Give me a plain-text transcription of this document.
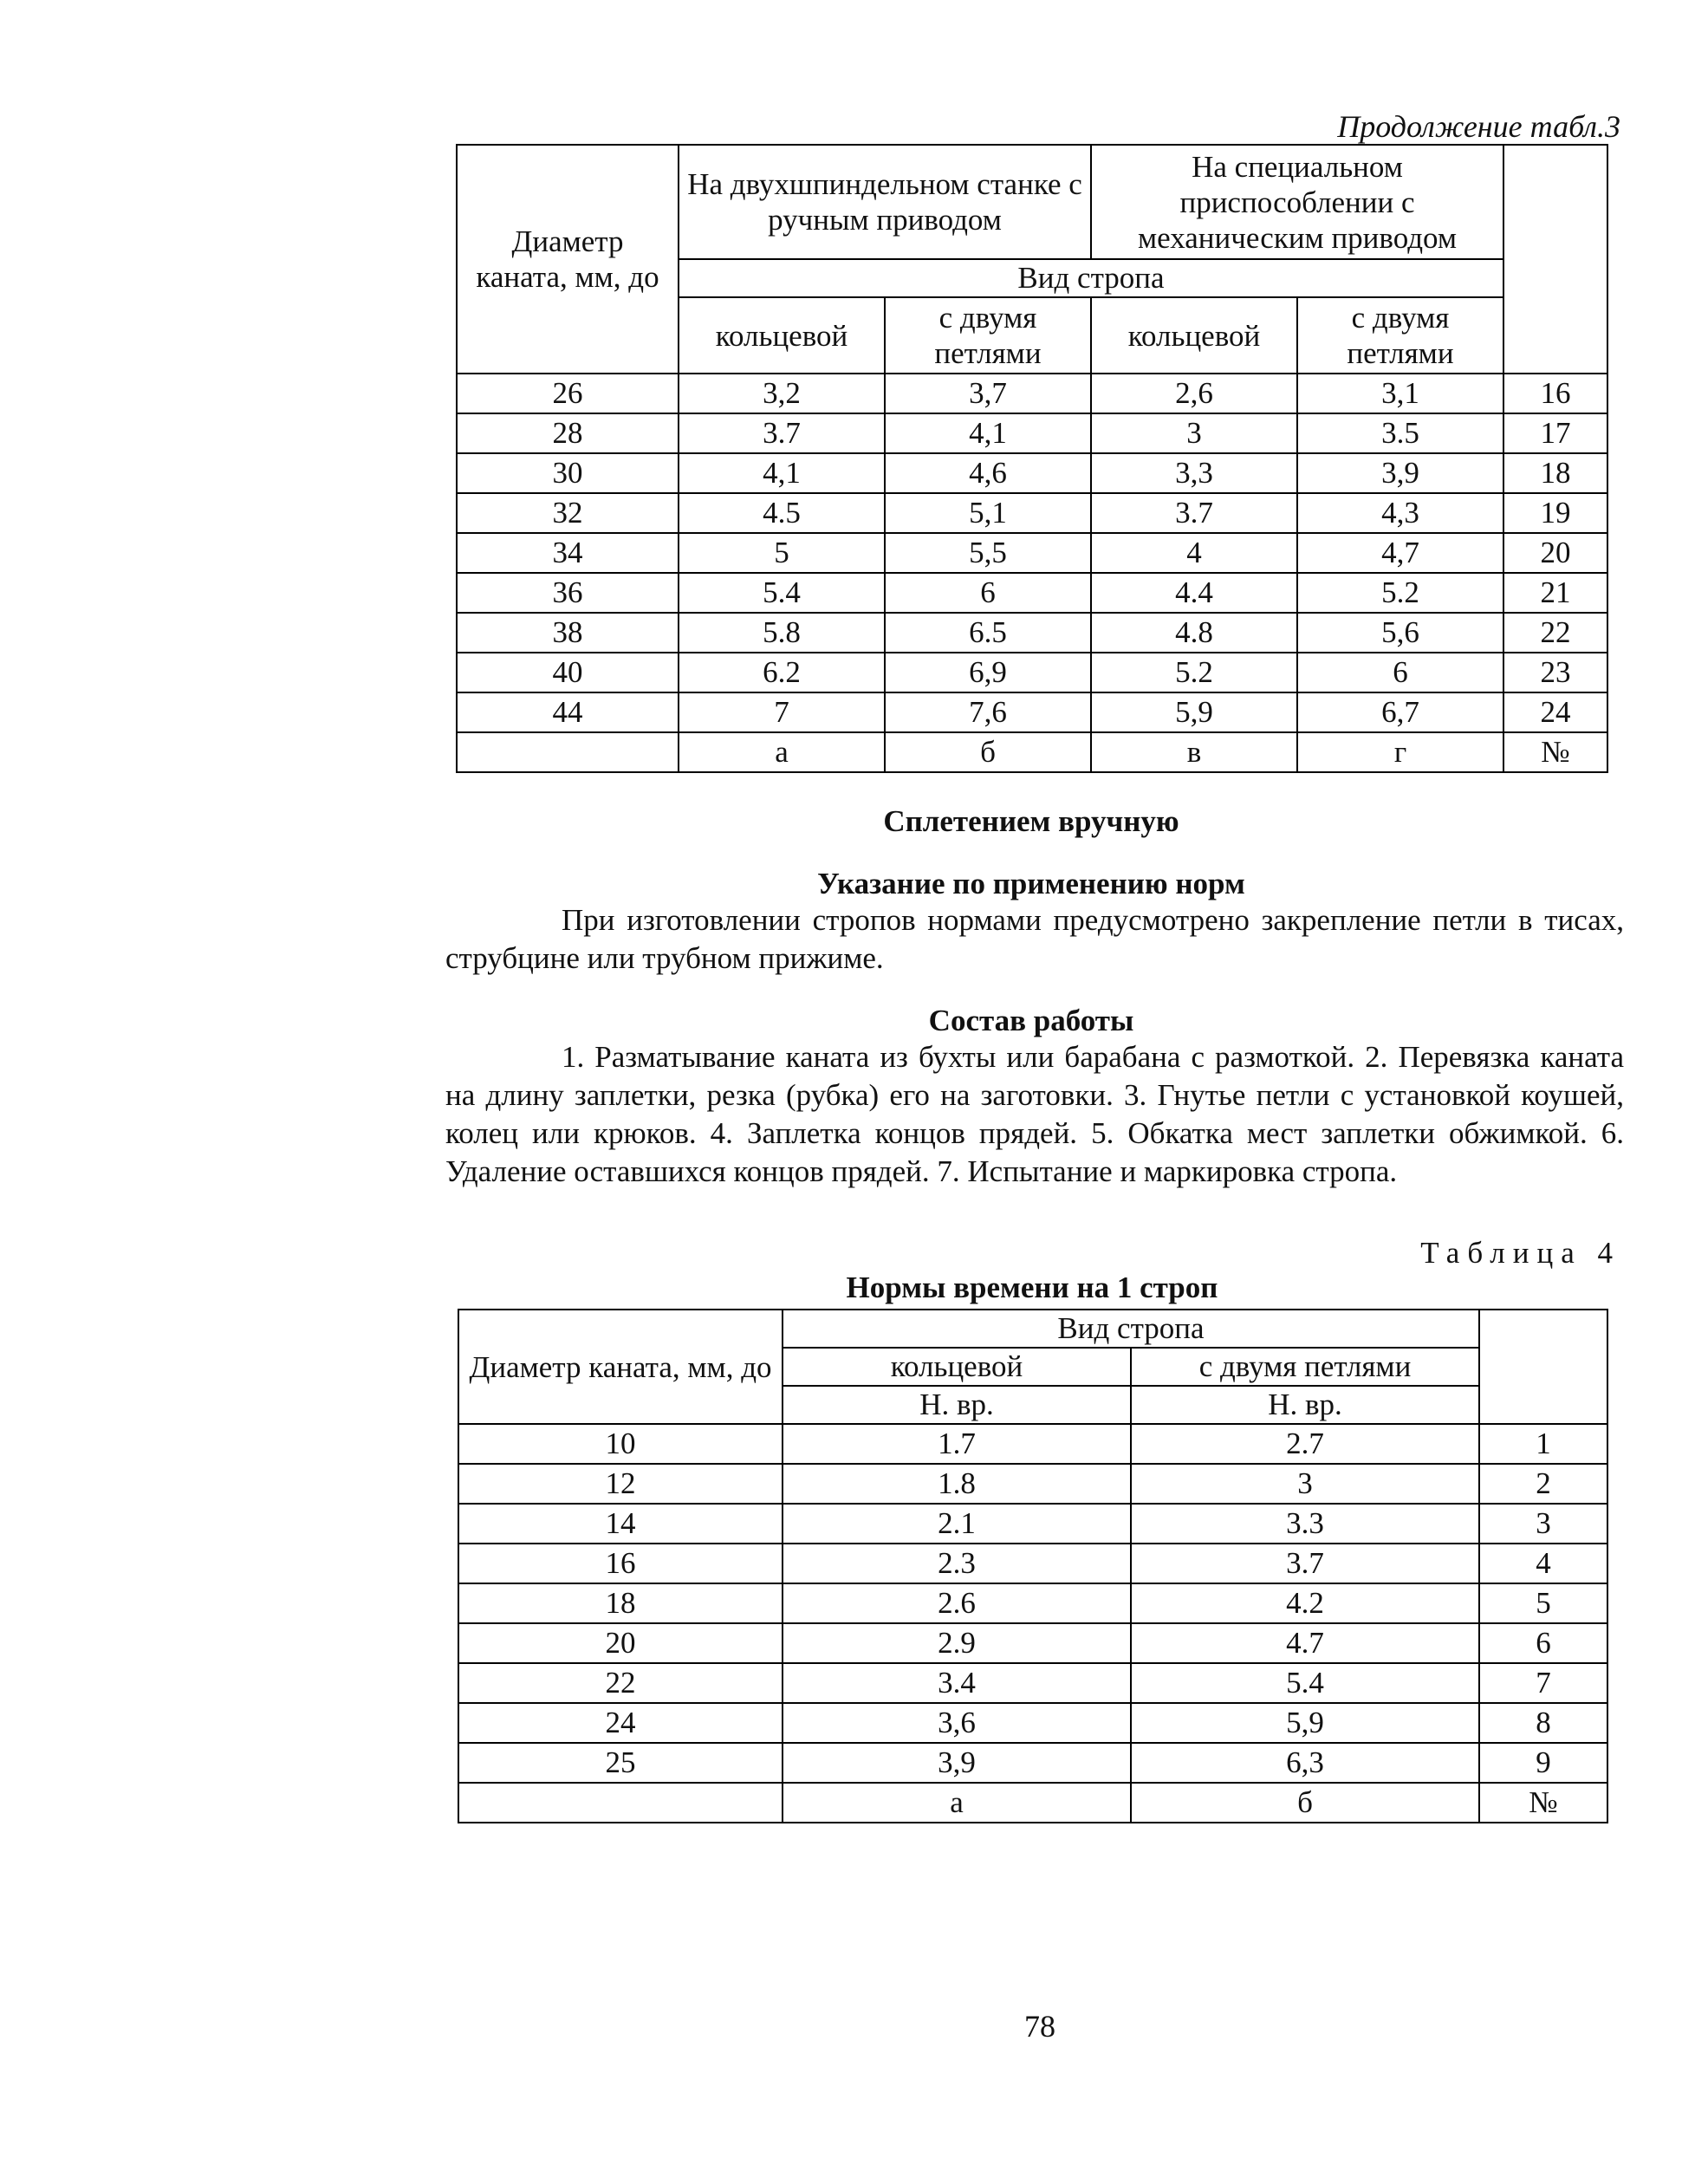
Продолжение табл.3
Диаметр каната, мм, до	На двухшпиндельном станке с ручным приводом		На специальном приспособлении с механическим приводом		
	Вид стропа				
	кольцевой	с двумя петлями	кольцевой	с двумя петлями	
26	3,2	3,7	2,6	3,1	16
28	3.7	4,1	3	3.5	17
30	4,1	4,6	3,3	3,9	18
32	4.5	5,1	3.7	4,3	19
34	5	5,5	4	4,7	20
36	5.4	6	4.4	5.2	21
38	5.8	6.5	4.8	5,6	22
40	6.2	6,9	5.2	6	23
44	7	7,6	5,9	6,7	24
	а	б	в	г	№
Сплетением вручную
Указание по применению норм

При изготовлении стропов нормами предусмотрено закрепление петли в тисах, струбцине или трубном прижиме.

Состав работы

1. Разматывание каната из бухты или барабана с размоткой. 2. Перевязка каната на длину заплетки, резка (рубка) его на заготовки. 3. Гнутье петли с установкой коушей, колец или крюков. 4. Заплетка концов прядей. 5. Обкатка мест заплетки обжимкой. 6. Удаление оставшихся концов прядей. 7. Испытание и маркировка стропа.

Таблица 4
Нормы времени на 1 строп
Диаметр каната, мм, до	Вид стропа		
	кольцевой	с двумя петлями	
	Н. вр.	Н. вр.	
10	1.7	2.7	1
12	1.8	3	2
14	2.1	3.3	3
16	2.3	3.7	4
18	2.6	4.2	5
20	2.9	4.7	6
22	3.4	5.4	7
24	3,6	5,9	8
25	3,9	6,3	9
	а	б	№
78
